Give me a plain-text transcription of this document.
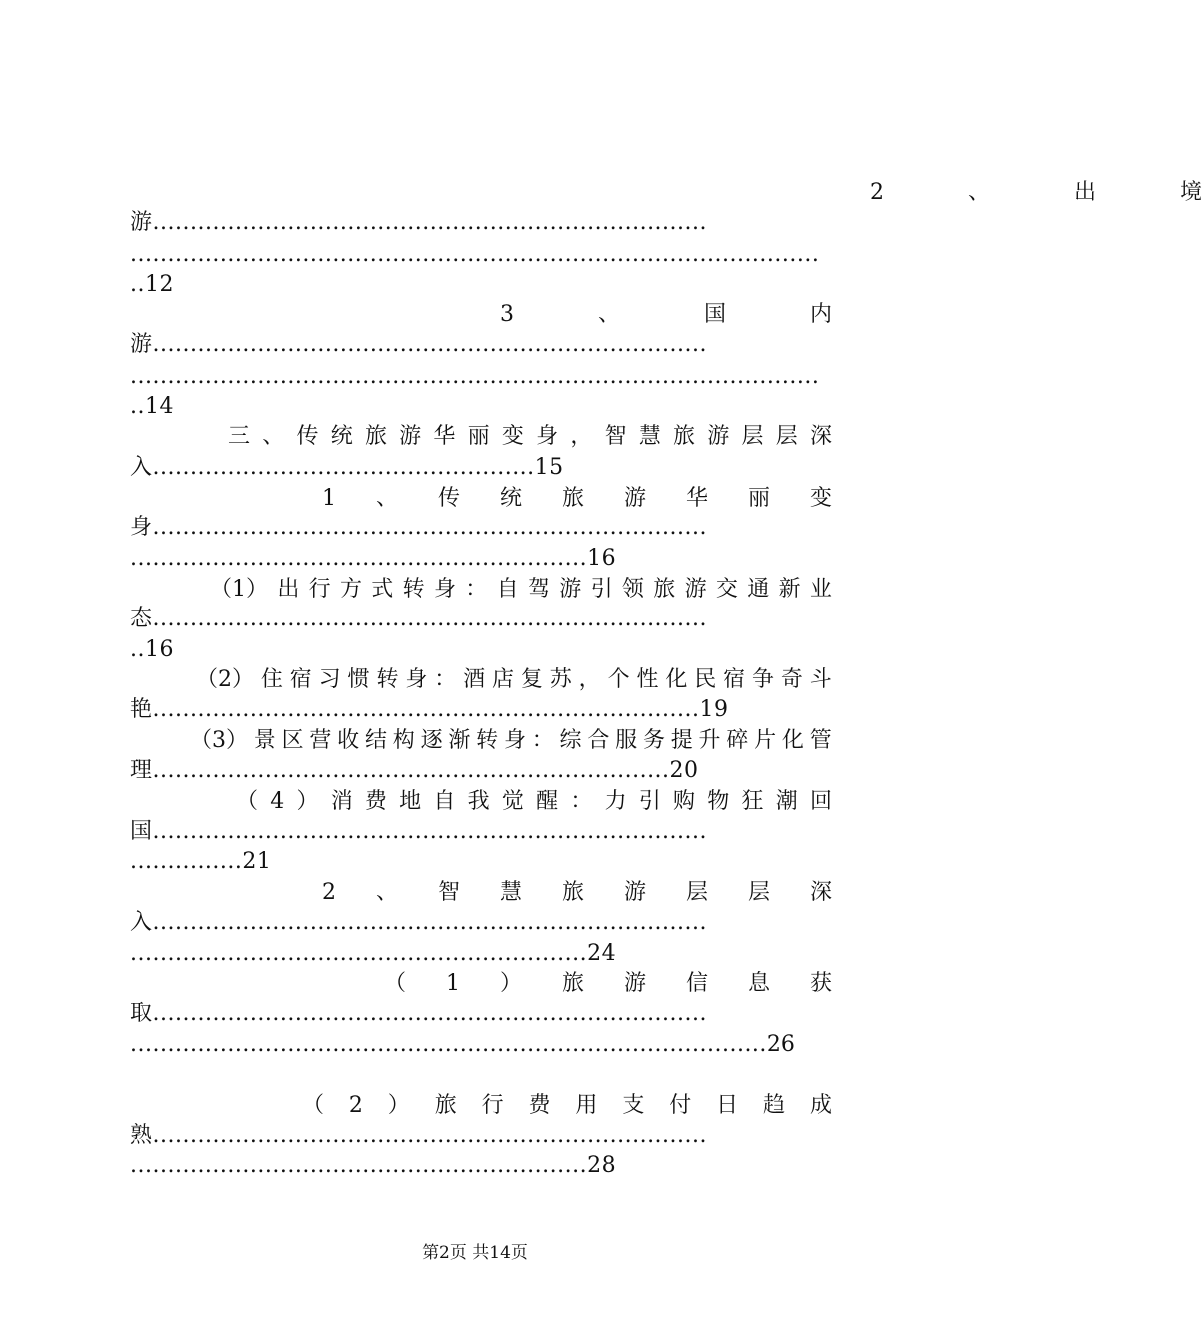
2	、	出	境
游..........................................................................
............................................................................................
..12
3	、	国	内
游..........................................................................
............................................................................................
..14
三 、 传 统 旅 游 华 丽 变 身 ， 智 慧 旅 游 层 层 深
入...................................................15
1 、 传 统 旅 游 华 丽 变
身..........................................................................
.............................................................16
（1） 出 行 方 式 转 身 ： 自 驾 游 引 领 旅 游 交 通 新 业
态..........................................................................
..16
（2） 住 宿 习 惯 转 身 ： 酒 店 复 苏 ， 个 性 化 民 宿 争 奇 斗
艳.........................................................................19
（3） 景 区 营 收 结 构 逐 渐 转 身 ： 综 合 服 务 提 升 碎 片 化 管
理.....................................................................20
（ 4 ） 消 费 地 自 我 觉 醒 ： 力 引 购 物 狂 潮 回
国..........................................................................
...............21
2 、 智 慧 旅 游 层 层 深
入..........................................................................
.............................................................24
（ 1 ） 旅 游 信 息 获
取..........................................................................
.....................................................................................26
（ 2 ） 旅 行 费 用 支 付 日 趋 成
熟..........................................................................
.............................................................28
第2页 共14页
